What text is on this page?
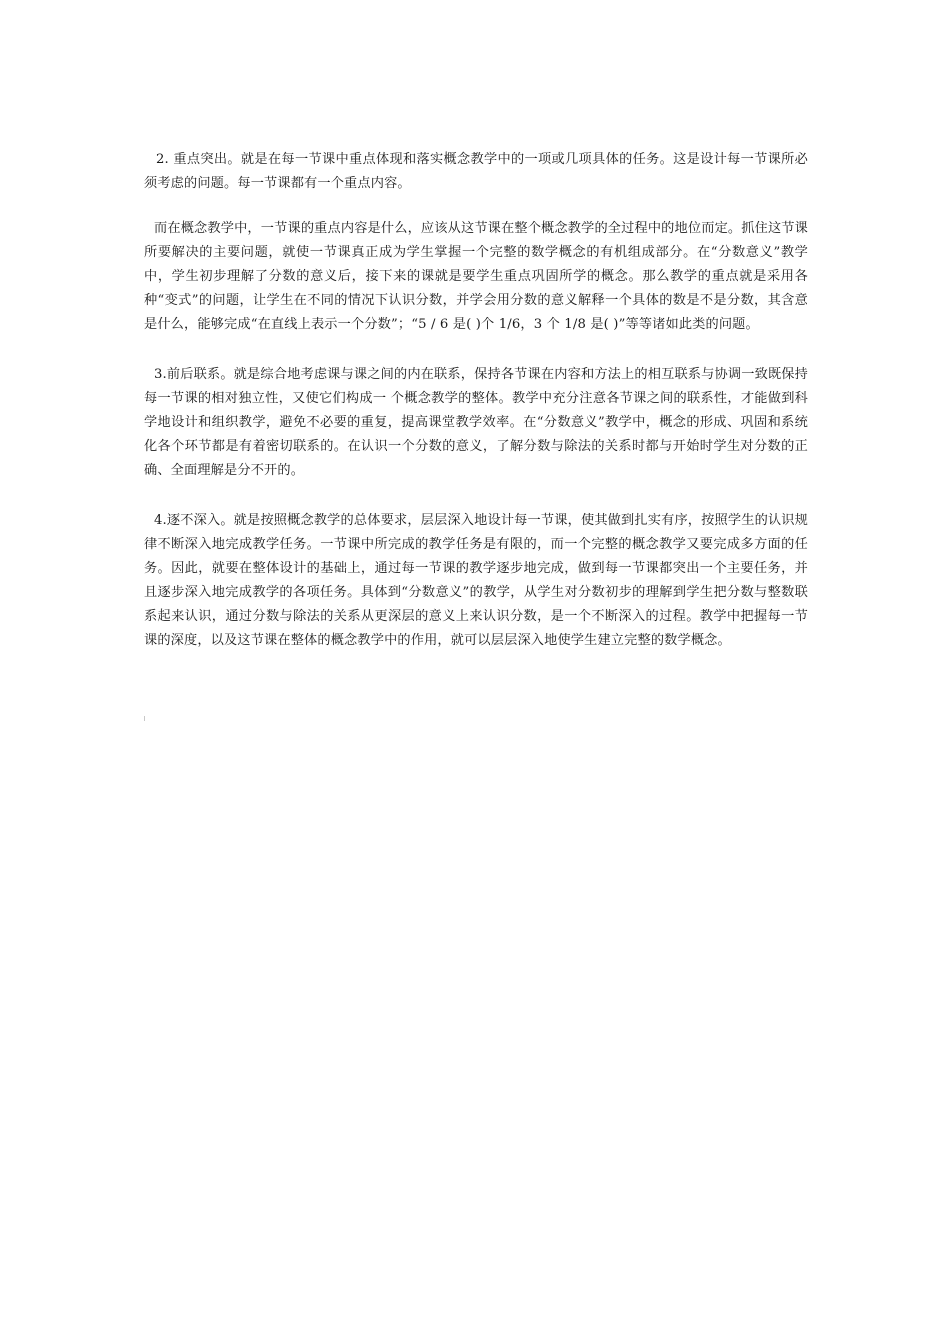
2. 重点突出。就是在每一节课中重点体现和落实概念教学中的一项或几项具体的任务。这是设计每一节课所必须考虑的问题。每一节课都有一个重点内容。

而在概念教学中，一节课的重点内容是什么，应该从这节课在整个概念教学的全过程中的地位而定。抓住这节课所要解决的主要问题，就使一节课真正成为学生掌握一个完整的数学概念的有机组成部分。在“分数意义”教学中，学生初步理解了分数的意义后，接下来的课就是要学生重点巩固所学的概念。那么教学的重点就是采用各种“变式”的问题，让学生在不同的情况下认识分数，并学会用分数的意义解释一个具体的数是不是分数，其含意是什么，能够完成“在直线上表示一个分数”；“5 / 6 是( )个 1/6，3 个 1/8 是( )”等等诸如此类的问题。

3.前后联系。就是综合地考虑课与课之间的内在联系，保持各节课在内容和方法上的相互联系与协调一致既保持每一节课的相对独立性，又使它们构成一 个概念教学的整体。教学中充分注意各节课之间的联系性，才能做到科学地设计和组织教学，避免不必要的重复，提高课堂教学效率。在“分数意义”教学中，概念的形成、巩固和系统化各个环节都是有着密切联系的。在认识一个分数的意义，了解分数与除法的关系时都与开始时学生对分数的正确、全面理解是分不开的。

4.逐不深入。就是按照概念教学的总体要求，层层深入地设计每一节课，使其做到扎实有序，按照学生的认识规律不断深入地完成教学任务。一节课中所完成的教学任务是有限的，而一个完整的概念教学又要完成多方面的任务。因此，就要在整体设计的基础上，通过每一节课的教学逐步地完成，做到每一节课都突出一个主要任务，并且逐步深入地完成教学的各项任务。具体到“分数意义”的教学，从学生对分数初步的理解到学生把分数与整数联系起来认识，通过分数与除法的关系从更深层的意义上来认识分数，是一个不断深入的过程。教学中把握每一节课的深度，以及这节课在整体的概念教学中的作用，就可以层层深入地使学生建立完整的数学概念。
